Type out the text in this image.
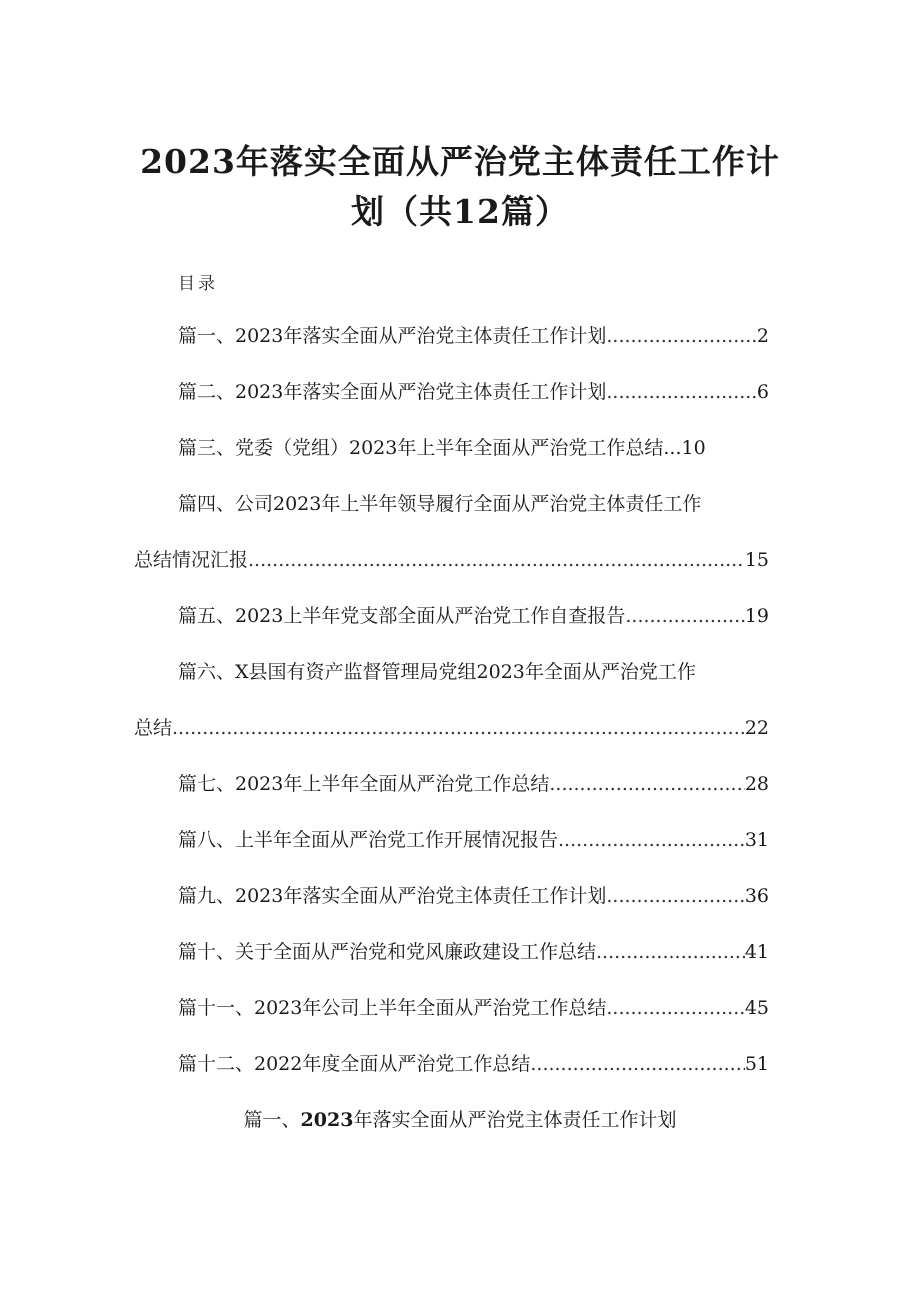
2023年落实全面从严治党主体责任工作计
划（共12篇）
目录
篇一、2023年落实全面从严治党主体责任工作计划 .....	2
篇二、2023年落实全面从严治党主体责任工作计划 .....	6
篇三、党委（党组）2023年上半年全面从严治党工作总结 ... 10
篇四、公司2023年上半年领导履行全面从严治党主体责任工作
总结情况汇报 .....	15
篇五、2023上半年党支部全面从严治党工作自查报告 .....	19
篇六、X县国有资产监督管理局党组2023年全面从严治党工作
总结 .....	22
篇七、2023年上半年全面从严治党工作总结 .....	28
篇八、上半年全面从严治党工作开展情况报告 .....	31
篇九、2023年落实全面从严治党主体责任工作计划 .....	36
篇十、关于全面从严治党和党风廉政建设工作总结 .....	41
篇十一、2023年公司上半年全面从严治党工作总结 .....	45
篇十二、2022年度全面从严治党工作总结 .....	51
篇一、2023年落实全面从严治党主体责任工作计划
